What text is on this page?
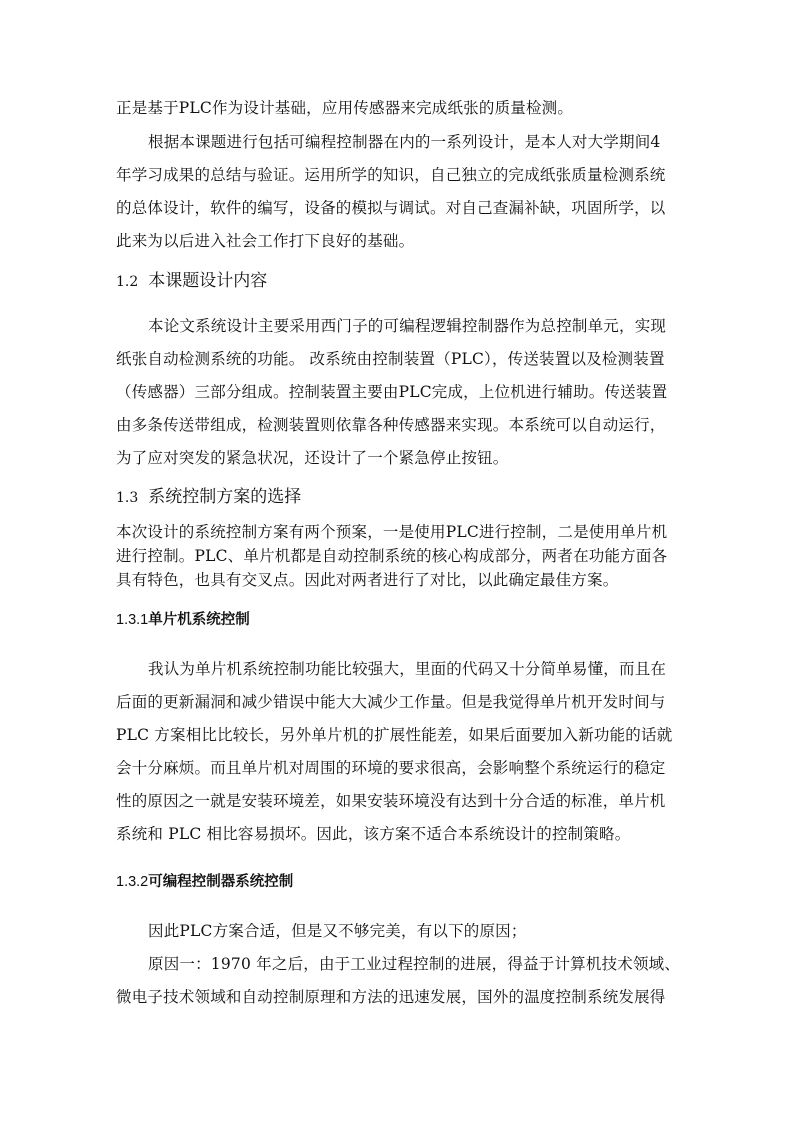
正是基于PLC作为设计基础，应用传感器来完成纸张的质量检测。
根据本课题进行包括可编程控制器在内的一系列设计，是本人对大学期间4
年学习成果的总结与验证。运用所学的知识，自己独立的完成纸张质量检测系统
的总体设计，软件的编写，设备的模拟与调试。对自己查漏补缺，巩固所学，以
此来为以后进入社会工作打下良好的基础。
1.2 本课题设计内容
本论文系统设计主要采用西门子的可编程逻辑控制器作为总控制单元，实现
纸张自动检测系统的功能。 改系统由控制装置（PLC），传送装置以及检测装置
（传感器）三部分组成。控制装置主要由PLC完成，上位机进行辅助。传送装置
由多条传送带组成，检测装置则依靠各种传感器来实现。本系统可以自动运行，
为了应对突发的紧急状况，还设计了一个紧急停止按钮。
1.3 系统控制方案的选择
本次设计的系统控制方案有两个预案，一是使用PLC进行控制，二是使用单片机
进行控制。PLC、单片机都是自动控制系统的核心构成部分，两者在功能方面各
具有特色，也具有交叉点。因此对两者进行了对比，以此确定最佳方案。
1.3.1单片机系统控制
我认为单片机系统控制功能比较强大，里面的代码又十分简单易懂，而且在
后面的更新漏洞和减少错误中能大大减少工作量。但是我觉得单片机开发时间与
PLC 方案相比比较长，另外单片机的扩展性能差，如果后面要加入新功能的话就
会十分麻烦。而且单片机对周围的环境的要求很高，会影响整个系统运行的稳定
性的原因之一就是安装环境差，如果安装环境没有达到十分合适的标准，单片机
系统和 PLC 相比容易损坏。因此，该方案不适合本系统设计的控制策略。
1.3.2可编程控制器系统控制
因此PLC方案合适，但是又不够完美，有以下的原因；
原因一：1970 年之后，由于工业过程控制的进展，得益于计算机技术领域、
微电子技术领域和自动控制原理和方法的迅速发展，国外的温度控制系统发展得
